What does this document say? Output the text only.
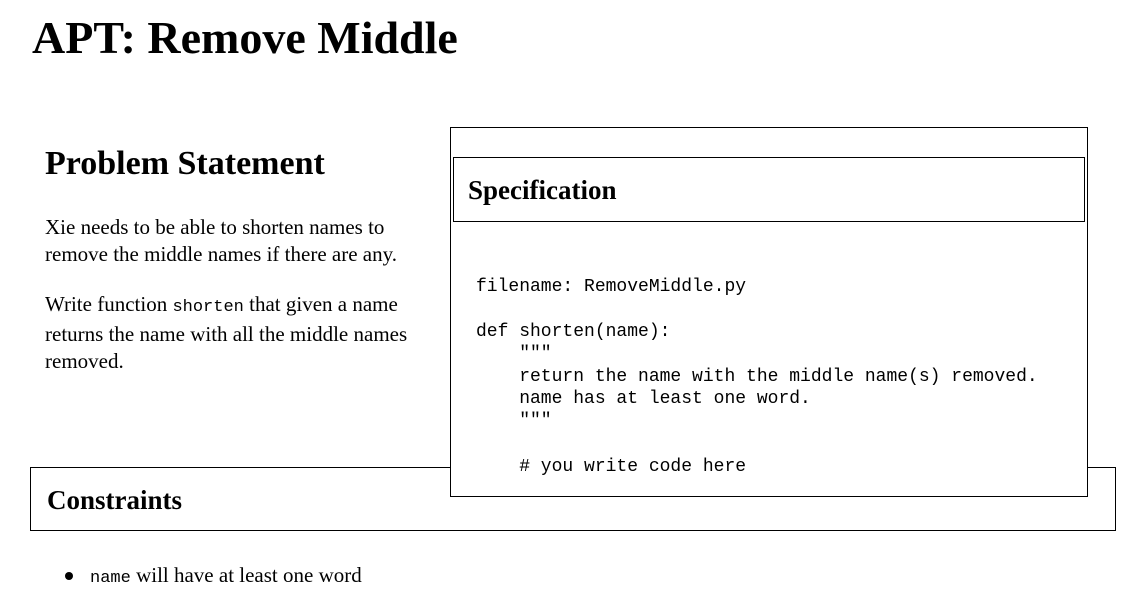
APT: Remove Middle
Problem Statement

Xie needs to be able to shorten names to remove the middle names if there are any.

Write function shorten that given a name returns the name with all the middle names removed.

Constraints
Specification
filename: RemoveMiddle.py
def shorten(name):
"""
return the name with the middle name(s) removed.
name has at least one word.
"""
# you write code here
name will have at least one word
